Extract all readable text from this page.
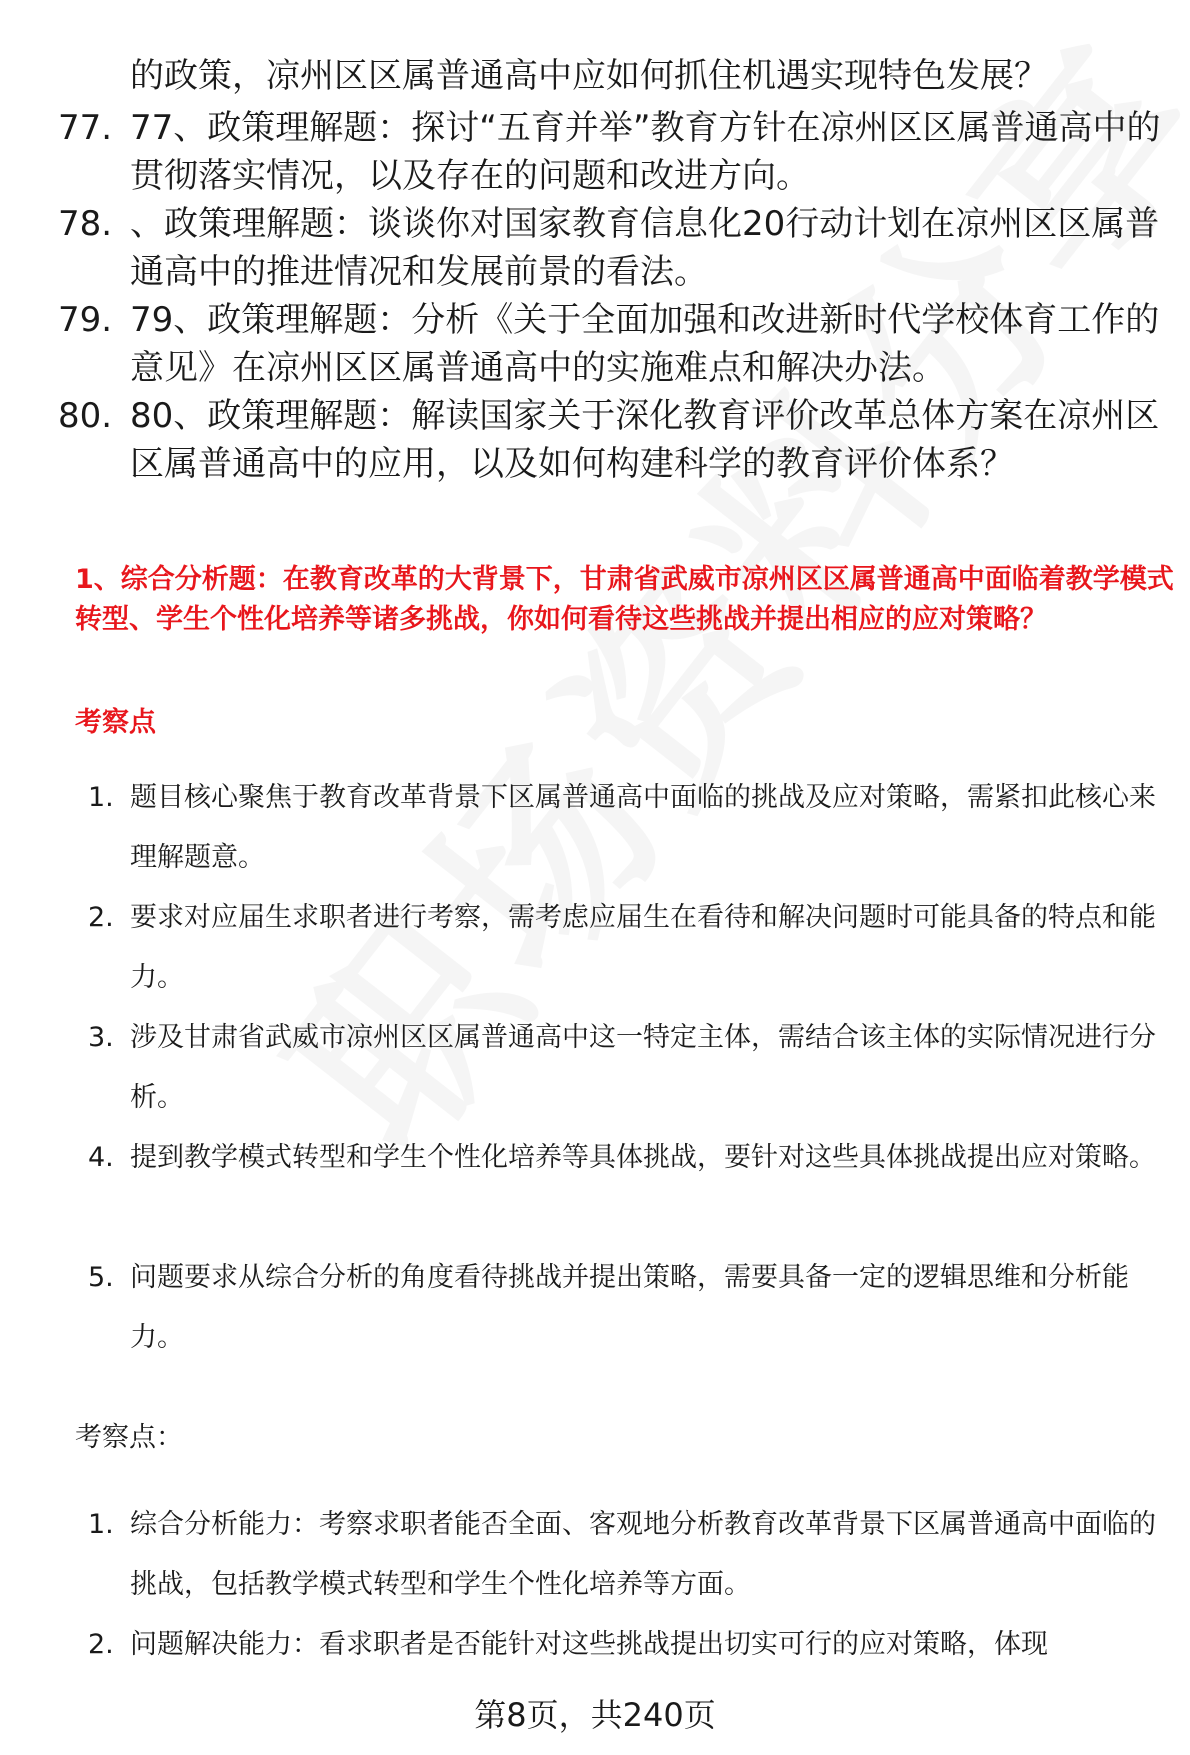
的政策，凉州区区属普通高中应如何抓住机遇实现特色发展？
77. 77、政策理解题：探讨“五育并举”教育方针在凉州区区属普通高中的贯彻落实情况，以及存在的问题和改进方向。
78. 、政策理解题：谈谈你对国家教育信息化20行动计划在凉州区区属普通高中的推进情况和发展前景的看法。
79. 79、政策理解题：分析《关于全面加强和改进新时代学校体育工作的意见》在凉州区区属普通高中的实施难点和解决办法。
80. 80、政策理解题：解读国家关于深化教育评价改革总体方案在凉州区区属普通高中的应用，以及如何构建科学的教育评价体系？
1、综合分析题：在教育改革的大背景下，甘肃省武威市凉州区区属普通高中面临着教学模式转型、学生个性化培养等诸多挑战，你如何看待这些挑战并提出相应的应对策略？
考察点
1. 题目核心聚焦于教育改革背景下区属普通高中面临的挑战及应对策略，需紧扣此核心来理解题意。
2. 要求对应届生求职者进行考察，需考虑应届生在看待和解决问题时可能具备的特点和能力。
3. 涉及甘肃省武威市凉州区区属普通高中这一特定主体，需结合该主体的实际情况进行分析。
4. 提到教学模式转型和学生个性化培养等具体挑战，要针对这些具体挑战提出应对策略。
5. 问题要求从综合分析的角度看待挑战并提出策略，需要具备一定的逻辑思维和分析能力。
考察点：
1. 综合分析能力：考察求职者能否全面、客观地分析教育改革背景下区属普通高中面临的挑战，包括教学模式转型和学生个性化培养等方面。
2. 问题解决能力：看求职者是否能针对这些挑战提出切实可行的应对策略，体现
第8页，共240页
